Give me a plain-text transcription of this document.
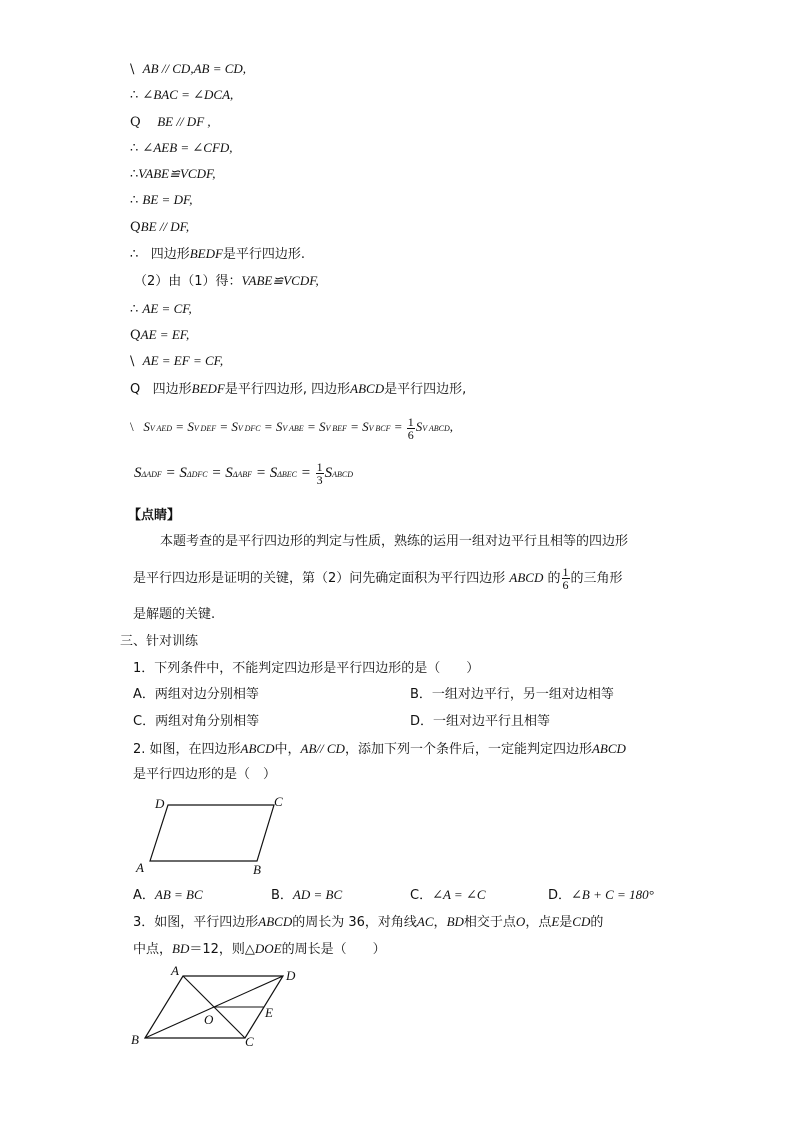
\ AB // CD,AB = CD,
∴ ∠BAC = ∠DCA,
Q BE // DF ,
∴ ∠AEB = ∠CFD,
∴VABE≌VCDF,
∴ BE = DF,
QBE // DF,
∴ 四边形BEDF是平行四边形.
（2）由（1）得：VABE≌VCDF,
∴ AE = CF,
QAE = EF,
\ AE = EF = CF,
Q 四边形BEDF是平行四边形, 四边形ABCD是平行四边形,
\ SV AED = SV DEF = SV DFC = SV ABE = SV BEF = SV BCF = $\frac{1}{6}$ SV ABCD,
$S\Delta ADF = S\Delta DFC = S\Delta ABF = S\Delta BEC = \frac{1}{3}$ SABCD
【点睛】
本题考查的是平行四边形的判定与性质，熟练的运用一组对边平行且相等的四边形
是平行四边形是证明的关键，第（2）问先确定面积为平行四边形 ABCD 的 $\frac{1}{6}$ 的三角形
是解题的关键.
三、针对训练
1．下列条件中，不能判定四边形是平行四边形的是（　　）
A．两组对边分别相等	B．一组对边平行，另一组对边相等
C．两组对角分别相等	D．一组对边平行且相等
2. 如图，在四边形ABCD中，AB// CD，添加下列一个条件后，一定能判定四边形ABCD
是平行四边形的是（　）
D	C
A	B
A．AB = BC	B．AD = BC	C．∠A = ∠C	D．∠B + C = 180°
3．如图，平行四边形ABCD的周长为 36，对角线AC，BD相交于点O，点E是CD的
中点，BD＝12，则△DOE的周长是（　　）
A	D
B	C
O	E
